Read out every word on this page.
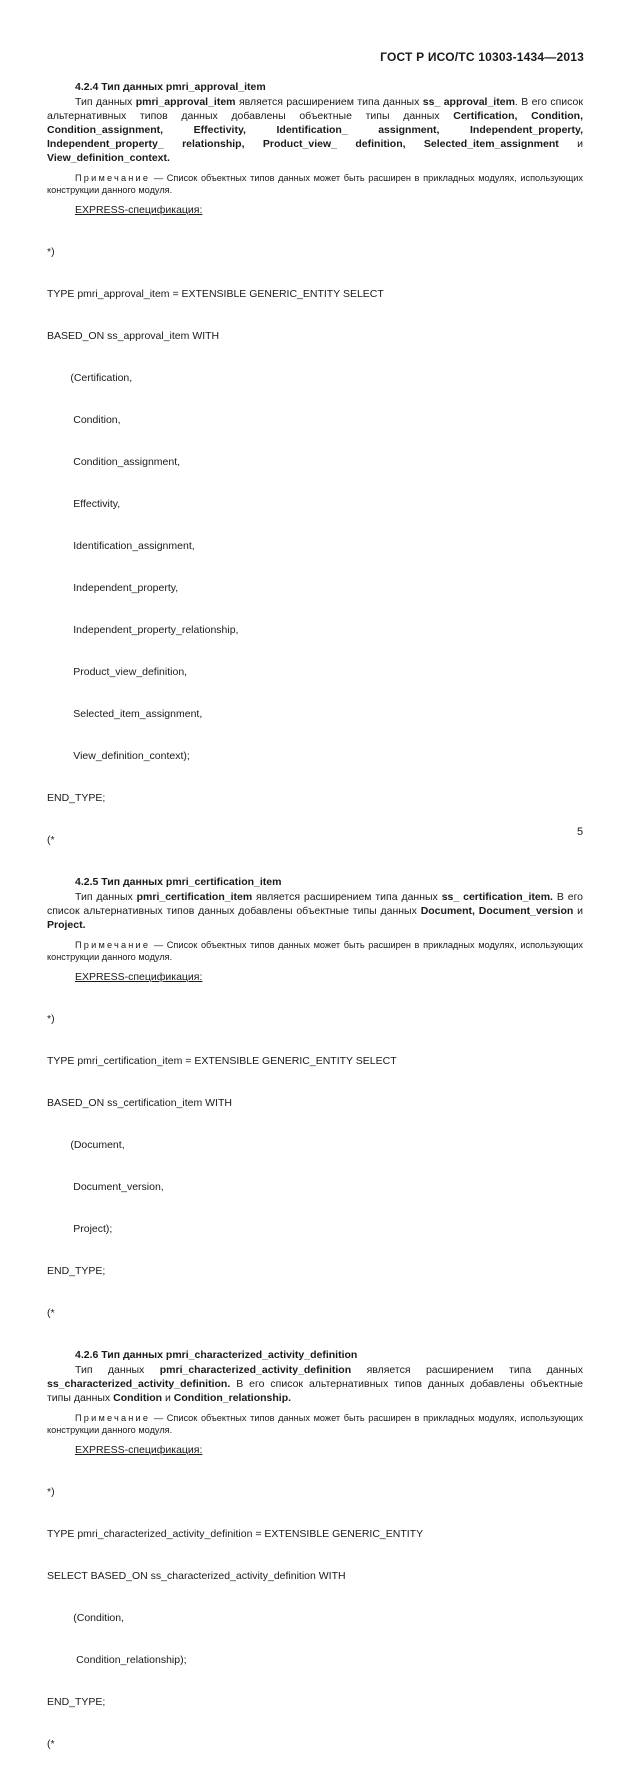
ГОСТ Р ИСО/ТС 10303-1434—2013
4.2.4 Тип данных pmri_approval_item
Тип данных pmri_approval_item является расширением типа данных ss_ approval_item. В его список альтернативных типов данных добавлены объектные типы данных Certification, Condition, Condition_assignment, Effectivity, Identification_ assignment, Independent_property, Independent_property_ relationship, Product_view_ definition, Selected_item_assignment и View_definition_context.
Примечание — Список объектных типов данных может быть расширен в прикладных модулях, использующих конструкции данного модуля.
EXPRESS-спецификация:

*)

TYPE pmri_approval_item = EXTENSIBLE GENERIC_ENTITY SELECT

BASED_ON ss_approval_item WITH

(Certification,

Condition,

Condition_assignment,

Effectivity,

Identification_assignment,

Independent_property,

Independent_property_relationship,

Product_view_definition,

Selected_item_assignment,

View_definition_context);

END_TYPE;

(*

4.2.5 Тип данных pmri_certification_item
Тип данных pmri_certification_item является расширением типа данных ss_ certification_item. В его список альтернативных типов данных добавлены объектные типы данных Document, Document_version и Project.
Примечание — Список объектных типов данных может быть расширен в прикладных модулях, использующих конструкции данного модуля.
EXPRESS-спецификация:

*)

TYPE pmri_certification_item = EXTENSIBLE GENERIC_ENTITY SELECT

BASED_ON ss_certification_item WITH

(Document,

Document_version,

Project);

END_TYPE;

(*

4.2.6 Тип данных pmri_characterized_activity_definition
Тип данных pmri_characterized_activity_definition является расширением типа данных ss_characterized_activity_definition. В его список альтернативных типов данных добавлены объектные типы данных Condition и Condition_relationship.
Примечание — Список объектных типов данных может быть расширен в прикладных модулях, использующих конструкции данного модуля.
EXPRESS-спецификация:

*)

TYPE pmri_characterized_activity_definition = EXTENSIBLE GENERIC_ENTITY

SELECT BASED_ON ss_characterized_activity_definition WITH

(Condition,

Condition_relationship);

END_TYPE;

(*

5
